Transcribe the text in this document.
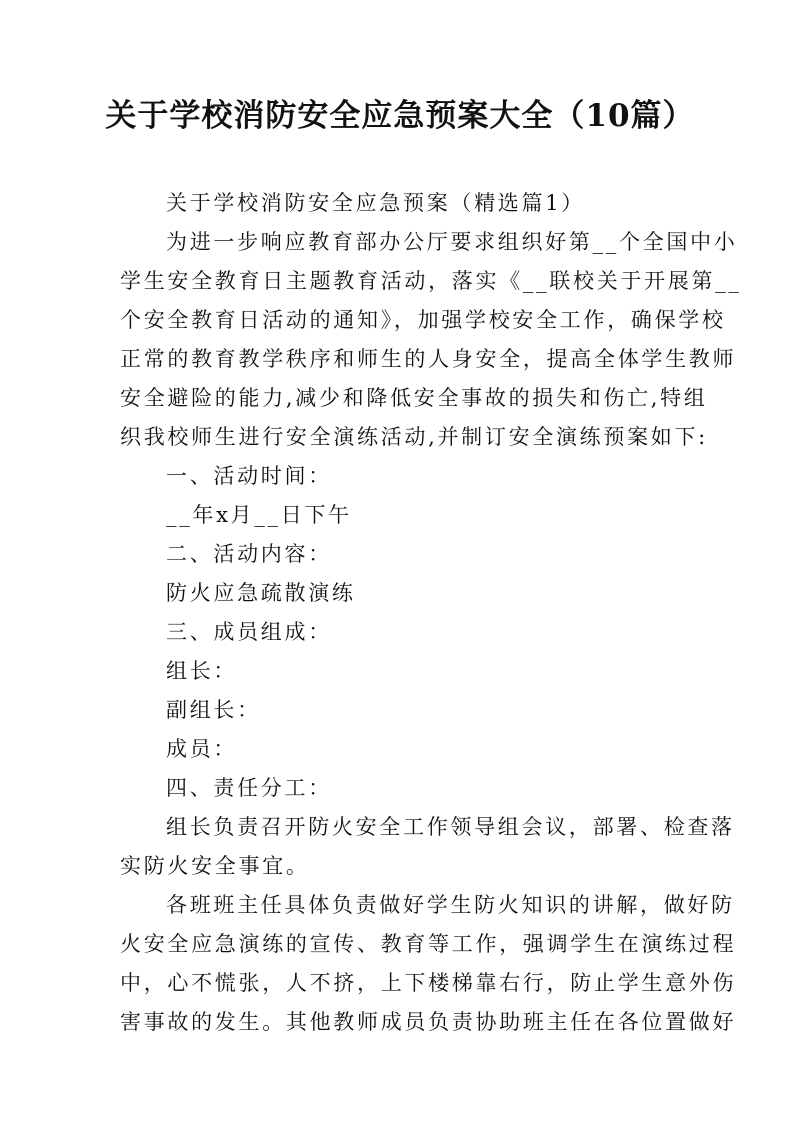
关于学校消防安全应急预案大全（10篇）
关于学校消防安全应急预案（精选篇1）
为进一步响应教育部办公厅要求组织好第__个全国中小
学生安全教育日主题教育活动，落实《__联校关于开展第__
个安全教育日活动的通知》，加强学校安全工作，确保学校
正常的教育教学秩序和师生的人身安全，提高全体学生教师
安全避险的能力,减少和降低安全事故的损失和伤亡,特组
织我校师生进行安全演练活动,并制订安全演练预案如下:
一、活动时间：
__年x月__日下午
二、活动内容：
防火应急疏散演练
三、成员组成：
组长：
副组长：
成员：
四、责任分工：
组长负责召开防火安全工作领导组会议，部署、检查落
实防火安全事宜。
各班班主任具体负责做好学生防火知识的讲解，做好防
火安全应急演练的宣传、教育等工作，强调学生在演练过程
中，心不慌张，人不挤，上下楼梯靠右行，防止学生意外伤
害事故的发生。其他教师成员负责协助班主任在各位置做好
